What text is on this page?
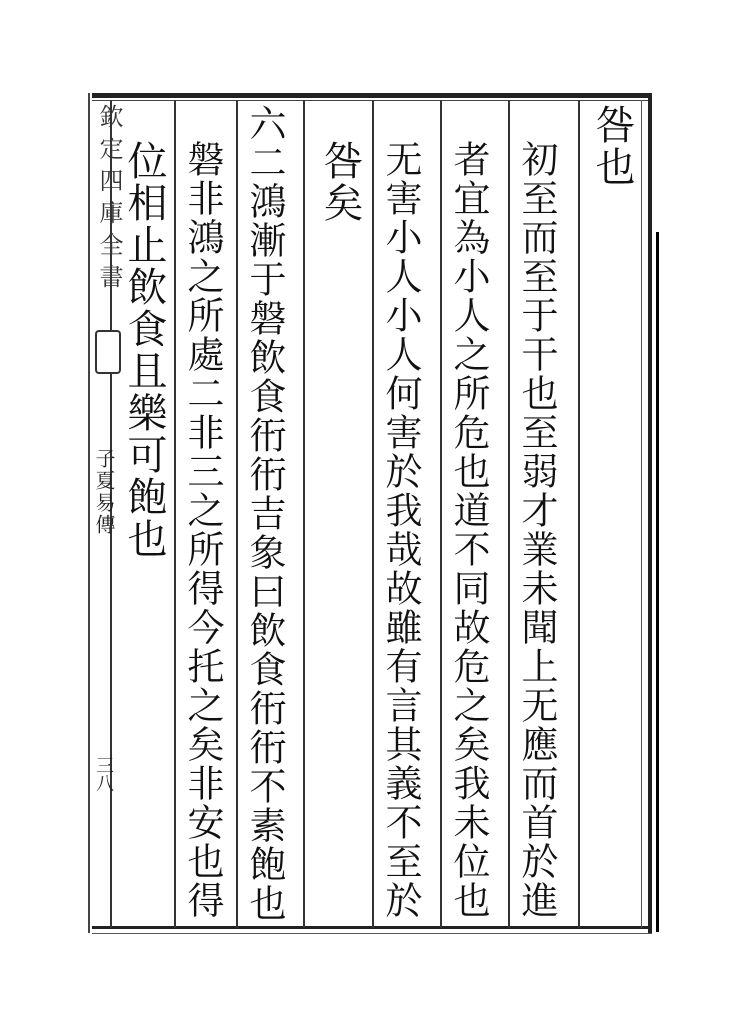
欽定四庫全書
子夏易傳
三八
咎也
初至而至于干也至弱才業未聞上无應而首於進
者宜為小人之所危也道不同故危之矣我未位也
无害小人小人何害於我哉故雖有言其義不至於
咎矣
六二鴻漸于磐飲食衎衎吉象曰飲食衎衎不素飽也
磐非鴻之所處二非三之所得今托之矣非安也得
位相止飲食且樂可飽也
